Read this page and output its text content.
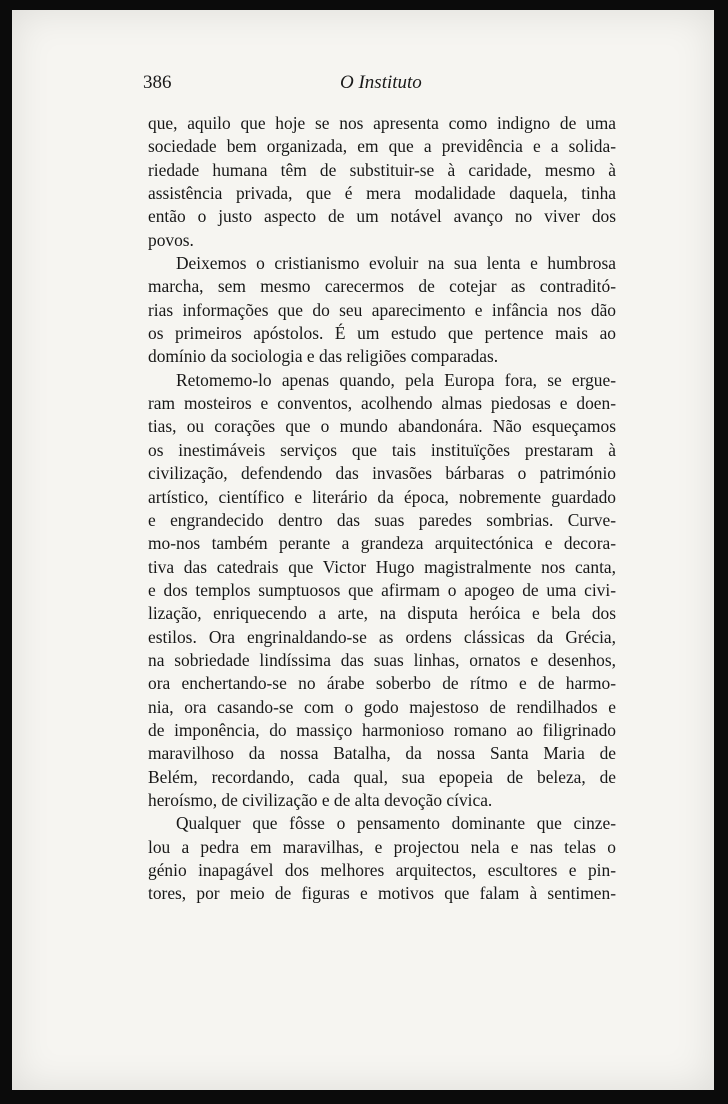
386	O Instituto
que, aquilo que hoje se nos apresenta como indigno de uma
sociedade bem organizada, em que a previdência e a solida-
riedade humana têm de substituir-se à caridade, mesmo à
assistência privada, que é mera modalidade daquela, tinha
então o justo aspecto de um notável avanço no viver dos
povos.
Deixemos o cristianismo evoluir na sua lenta e humbrosa
marcha, sem mesmo carecermos de cotejar as contraditó-
rias informações que do seu aparecimento e infância nos dão
os primeiros apóstolos. É um estudo que pertence mais ao
domínio da sociologia e das religiões comparadas.
Retomemo-lo apenas quando, pela Europa fora, se ergue-
ram mosteiros e conventos, acolhendo almas piedosas e doen-
tias, ou corações que o mundo abandonára. Não esqueçamos
os inestimáveis serviços que tais instituïções prestaram à
civilização, defendendo das invasões bárbaras o património
artístico, científico e literário da época, nobremente guardado
e engrandecido dentro das suas paredes sombrias. Curve-
mo-nos também perante a grandeza arquitectónica e decora-
tiva das catedrais que Victor Hugo magistralmente nos canta,
e dos templos sumptuosos que afirmam o apogeo de uma civi-
lização, enriquecendo a arte, na disputa heróica e bela dos
estilos. Ora engrinaldando-se as ordens clássicas da Grécia,
na sobriedade lindíssima das suas linhas, ornatos e desenhos,
ora enchertando-se no árabe soberbo de rítmo e de harmo-
nia, ora casando-se com o godo majestoso de rendilhados e
de imponência, do massiço harmonioso romano ao filigrinado
maravilhoso da nossa Batalha, da nossa Santa Maria de
Belém, recordando, cada qual, sua epopeia de beleza, de
heroísmo, de civilização e de alta devoção cívica.
Qualquer que fôsse o pensamento dominante que cinze-
lou a pedra em maravilhas, e projectou nela e nas telas o
génio inapagável dos melhores arquitectos, escultores e pin-
tores, por meio de figuras e motivos que falam à sentimen-
